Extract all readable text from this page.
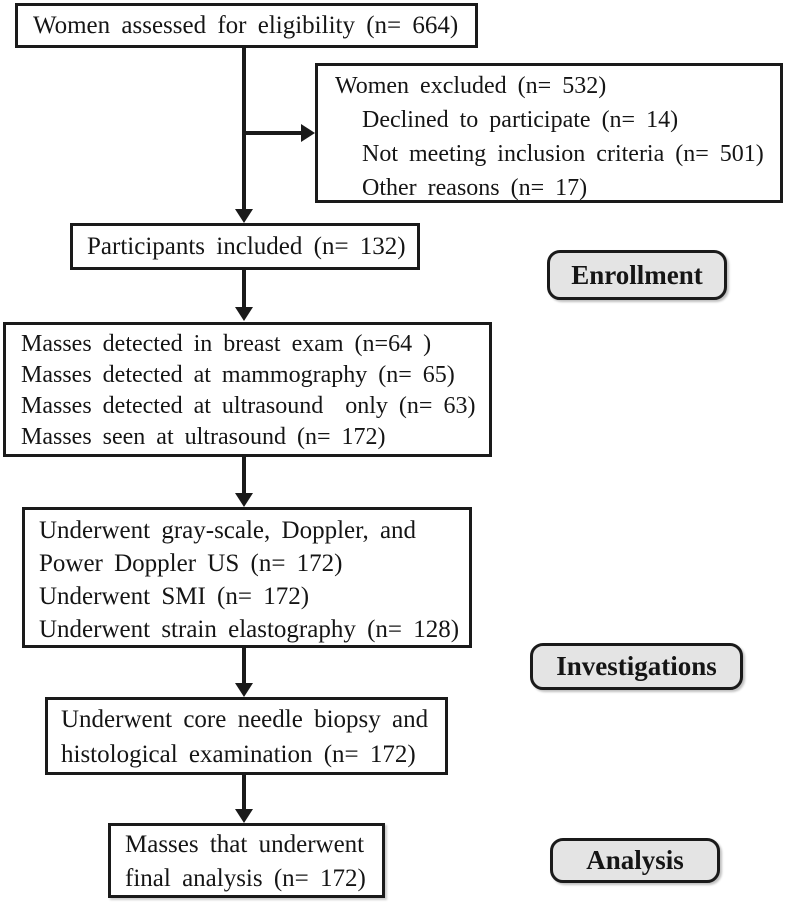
Women assessed for eligibility (n= 664)
Women excluded (n= 532)
Declined to participate (n= 14)
Not meeting inclusion criteria (n= 501)
Other reasons (n= 17)
Participants included (n= 132)
Enrollment
Masses detected in breast exam (n=64 )
Masses detected at mammography (n= 65)
Masses detected at ultrasound  only (n= 63)
Masses seen at ultrasound (n= 172)
Underwent gray-scale, Doppler, and
Power Doppler US (n= 172)
Underwent SMI (n= 172)
Underwent strain elastography (n= 128)
Investigations
Underwent core needle biopsy and
histological examination (n= 172)
Masses that underwent
final analysis (n= 172)
Analysis
